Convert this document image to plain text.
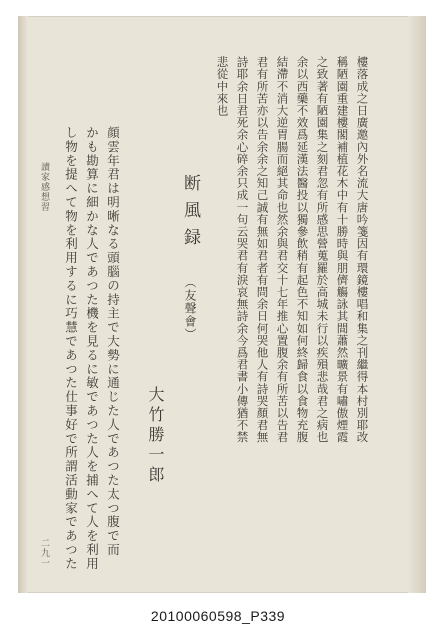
樓落成之日廣邀內外名流大唐吟箋因有環鏡樓唱和集之刊繼得本村別耶改
稱陋園重建樓閣補植花木中有十勝時與朋儕觴詠其間蕭然曠景有嘯傲煙霞
之致著有陋園集之刻君忽有所感思營蒐羅於高城未行以疾殞悲哉君之病也
余以西藥不效爲延漢法醫投以獨參飲稍有起色不知如何終歸食以食物充腹
結滯不消大逆胃腸而絕其命也然余與君交十七年推心置腹余有所苦以告君
君有所苦亦以告余余之知己誠有無如君者有問余日何哭他人有詩哭顏君無
詩耶余日君死余心碎余只成一句云哭君有淚哀無詩余今爲君書小傳猶不禁
悲從中來也
断風録
（友聲會）
大竹勝一郎
顔雲年君は明晰なる頭腦の持主で大勢に通じた人であつた太つ腹で而
かも勘算に細かな人であつた機を見るに敏であつた人を捕へて人を利用
し物を提へて物を利用するに巧慧であつた仕事好で所謂活動家であつた
讀家感想習
二九一
20100060598_P339
